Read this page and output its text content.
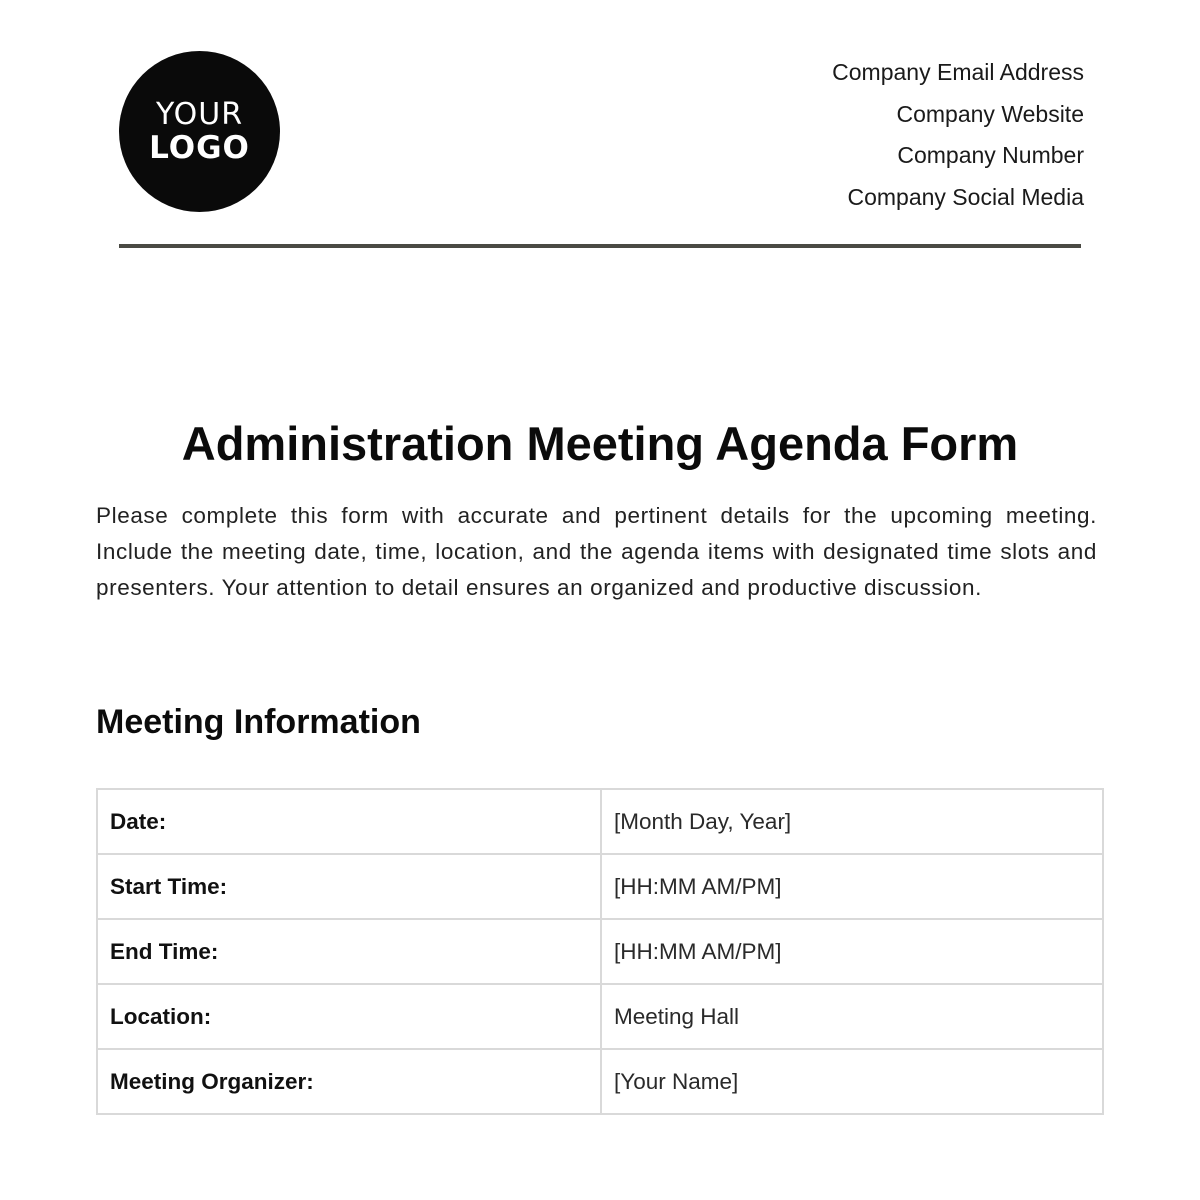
YOUR
LOGO
Company Email Address
Company Website
Company Number
Company Social Media
Administration Meeting Agenda Form

Please complete this form with accurate and pertinent details for the upcoming meeting. Include the meeting date, time, location, and the agenda items with designated time slots and presenters. Your attention to detail ensures an organized and productive discussion.

Meeting Information
Date:	[Month Day, Year]
Start Time:	[HH:MM AM/PM]
End Time:	[HH:MM AM/PM]
Location:	Meeting Hall
Meeting Organizer:	[Your Name]
